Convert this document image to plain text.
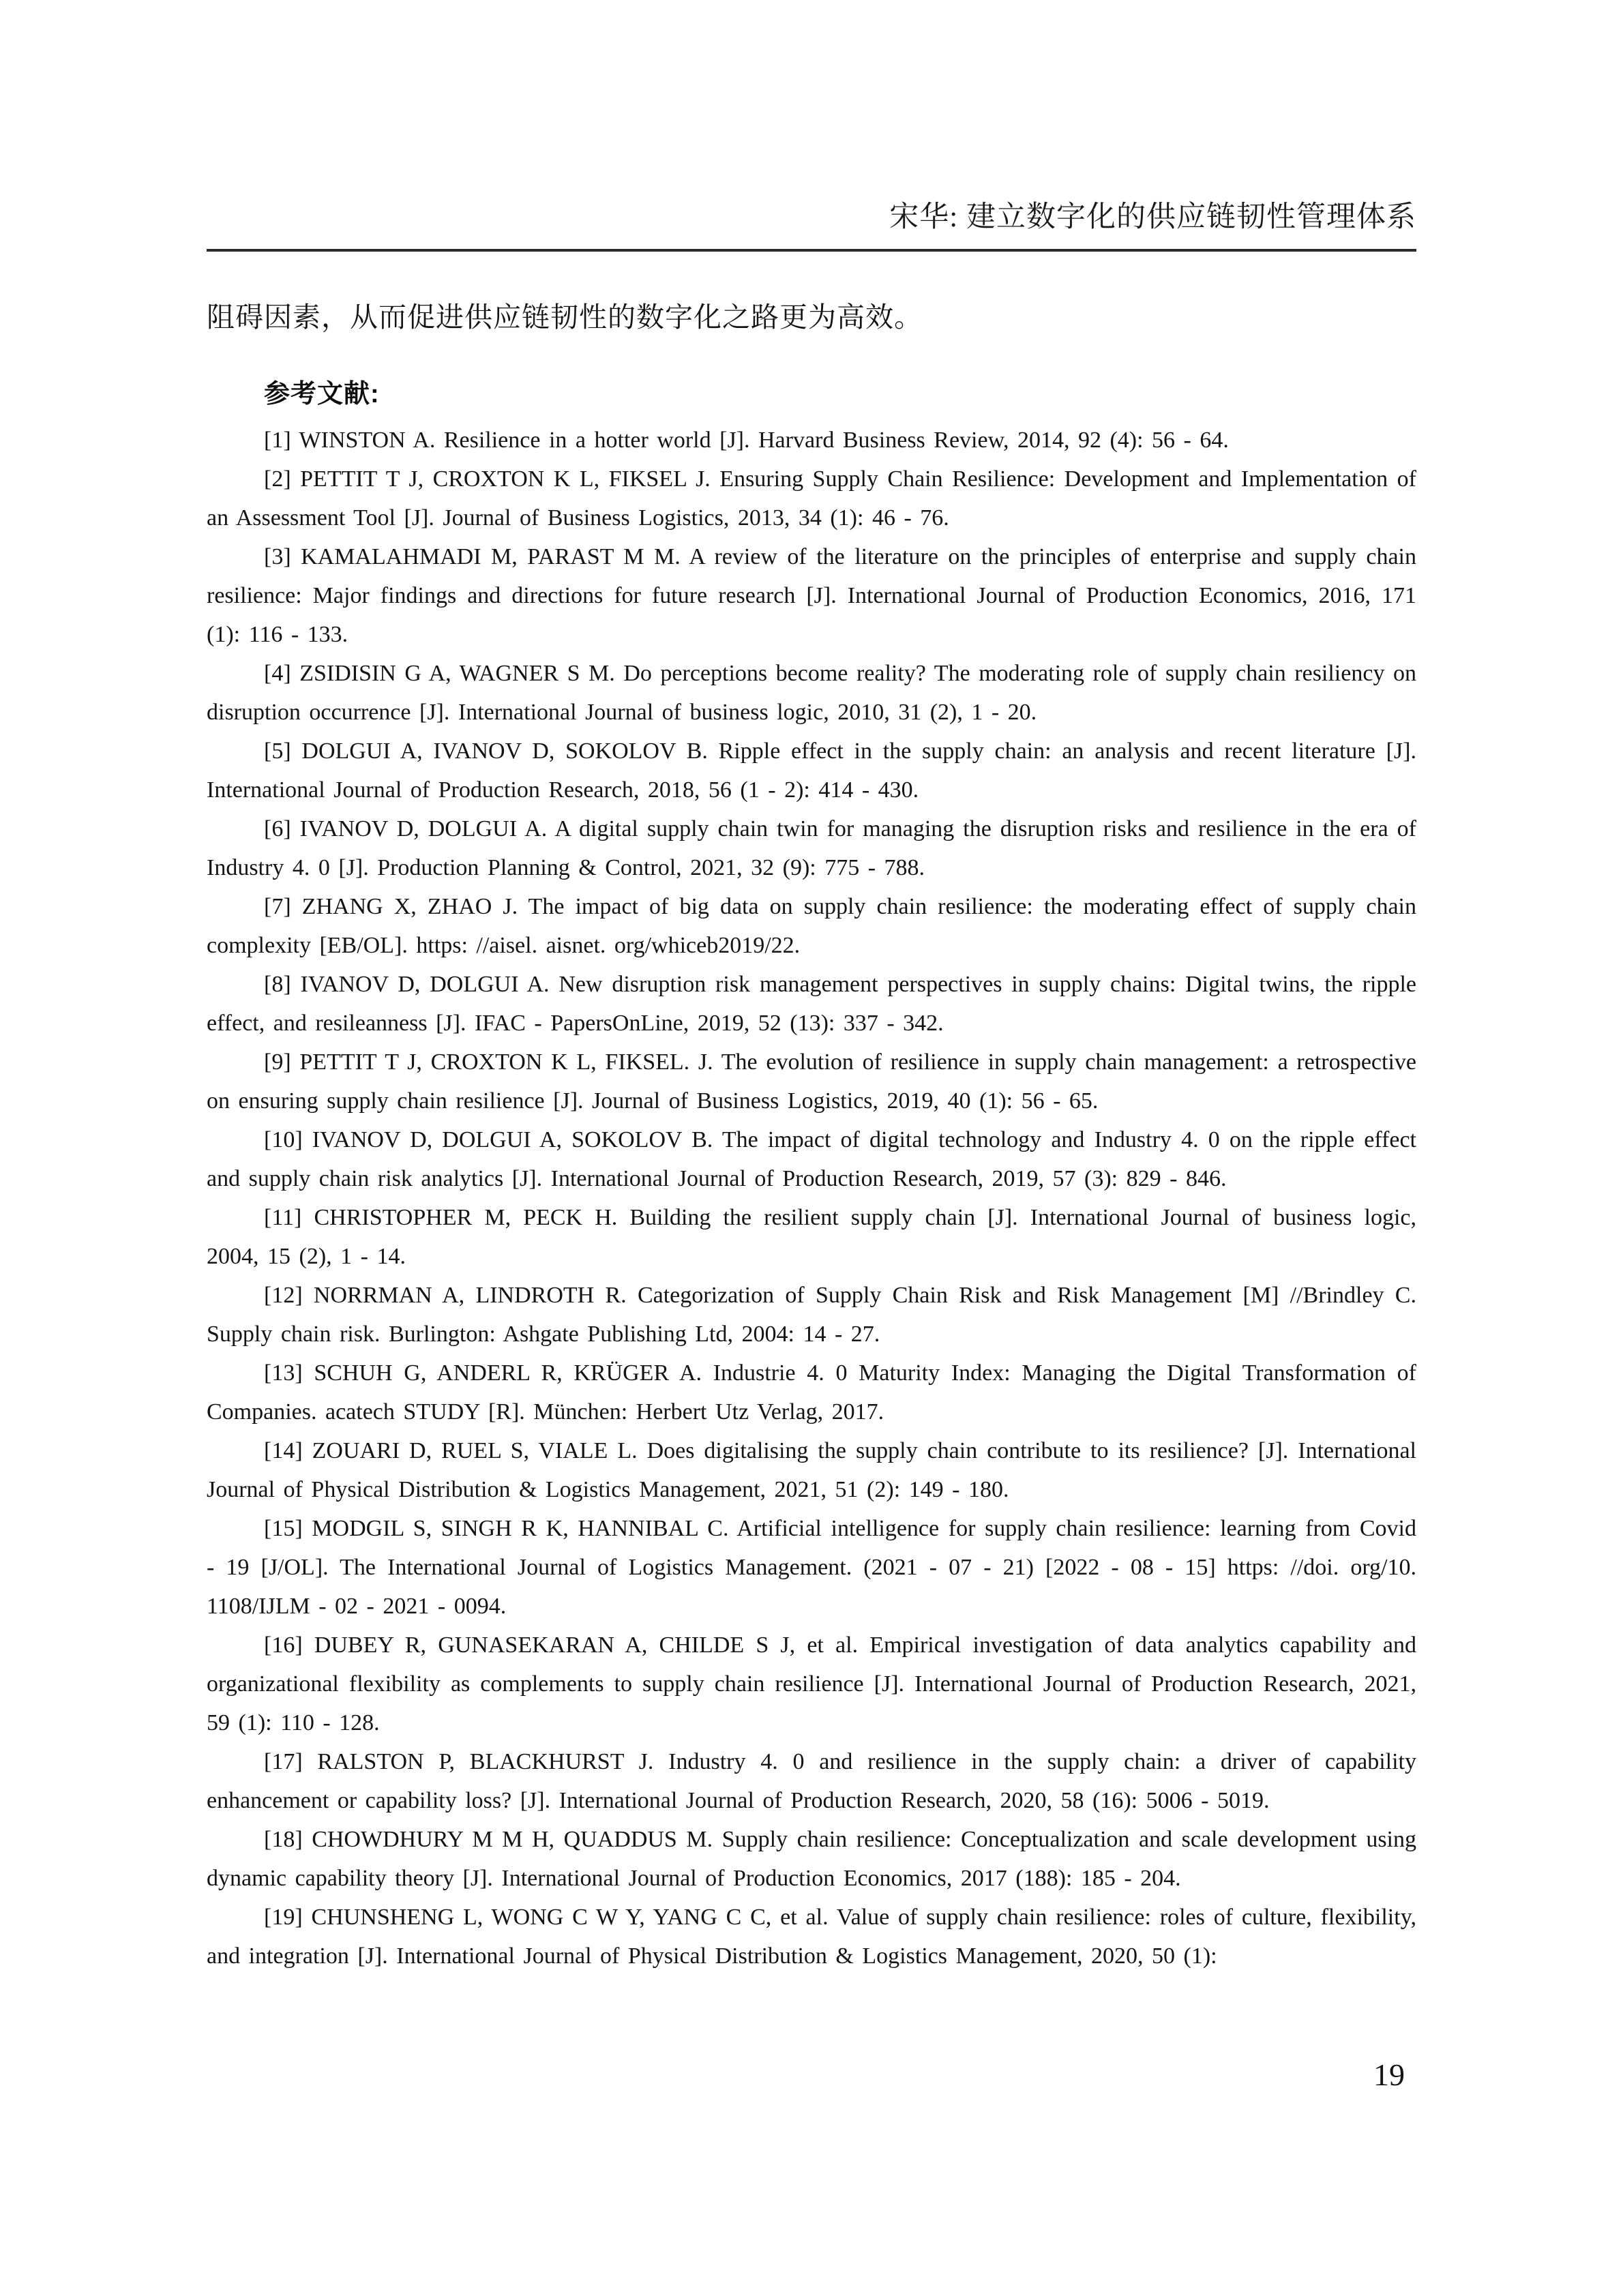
宋华: 建立数字化的供应链韧性管理体系

阻碍因素，从而促进供应链韧性的数字化之路更为高效。

参考文献:

[1] WINSTON A. Resilience in a hotter world [J]. Harvard Business Review, 2014, 92 (4): 56 - 64.

[2] PETTIT T J, CROXTON K L, FIKSEL J. Ensuring Supply Chain Resilience: Development and Implementation of an Assessment Tool [J]. Journal of Business Logistics, 2013, 34 (1): 46 - 76.

[3] KAMALAHMADI M, PARAST M M. A review of the literature on the principles of enterprise and supply chain resilience: Major findings and directions for future research [J]. International Journal of Production Economics, 2016, 171 (1): 116 - 133.

[4] ZSIDISIN G A, WAGNER S M. Do perceptions become reality? The moderating role of supply chain resiliency on disruption occurrence [J]. International Journal of business logic, 2010, 31 (2), 1 - 20.

[5] DOLGUI A, IVANOV D, SOKOLOV B. Ripple effect in the supply chain: an analysis and recent literature [J]. International Journal of Production Research, 2018, 56 (1 - 2): 414 - 430.

[6] IVANOV D, DOLGUI A. A digital supply chain twin for managing the disruption risks and resilience in the era of Industry 4. 0 [J]. Production Planning & Control, 2021, 32 (9): 775 - 788.

[7] ZHANG X, ZHAO J. The impact of big data on supply chain resilience: the moderating effect of supply chain complexity [EB/OL]. https: //aisel. aisnet. org/whiceb2019/22.

[8] IVANOV D, DOLGUI A. New disruption risk management perspectives in supply chains: Digital twins, the ripple effect, and resileanness [J]. IFAC - PapersOnLine, 2019, 52 (13): 337 - 342.

[9] PETTIT T J, CROXTON K L, FIKSEL. J. The evolution of resilience in supply chain management: a retrospective on ensuring supply chain resilience [J]. Journal of Business Logistics, 2019, 40 (1): 56 - 65.

[10] IVANOV D, DOLGUI A, SOKOLOV B. The impact of digital technology and Industry 4. 0 on the ripple effect and supply chain risk analytics [J]. International Journal of Production Research, 2019, 57 (3): 829 - 846.

[11] CHRISTOPHER M, PECK H. Building the resilient supply chain [J]. International Journal of business logic, 2004, 15 (2), 1 - 14.

[12] NORRMAN A, LINDROTH R. Categorization of Supply Chain Risk and Risk Management [M] //Brindley C. Supply chain risk. Burlington: Ashgate Publishing Ltd, 2004: 14 - 27.

[13] SCHUH G, ANDERL R, KRÜGER A. Industrie 4. 0 Maturity Index: Managing the Digital Transformation of Companies. acatech STUDY [R]. München: Herbert Utz Verlag, 2017.

[14] ZOUARI D, RUEL S, VIALE L. Does digitalising the supply chain contribute to its resilience? [J]. International Journal of Physical Distribution & Logistics Management, 2021, 51 (2): 149 - 180.

[15] MODGIL S, SINGH R K, HANNIBAL C. Artificial intelligence for supply chain resilience: learning from Covid - 19 [J/OL]. The International Journal of Logistics Management. (2021 - 07 - 21) [2022 - 08 - 15] https: //doi. org/10. 1108/IJLM - 02 - 2021 - 0094.

[16] DUBEY R, GUNASEKARAN A, CHILDE S J, et al. Empirical investigation of data analytics capability and organizational flexibility as complements to supply chain resilience [J]. International Journal of Production Research, 2021, 59 (1): 110 - 128.

[17] RALSTON P, BLACKHURST J. Industry 4. 0 and resilience in the supply chain: a driver of capability enhancement or capability loss? [J]. International Journal of Production Research, 2020, 58 (16): 5006 - 5019.

[18] CHOWDHURY M M H, QUADDUS M. Supply chain resilience: Conceptualization and scale development using dynamic capability theory [J]. International Journal of Production Economics, 2017 (188): 185 - 204.

[19] CHUNSHENG L, WONG C W Y, YANG C C, et al. Value of supply chain resilience: roles of culture, flexibility, and integration [J]. International Journal of Physical Distribution & Logistics Management, 2020, 50 (1):

19
